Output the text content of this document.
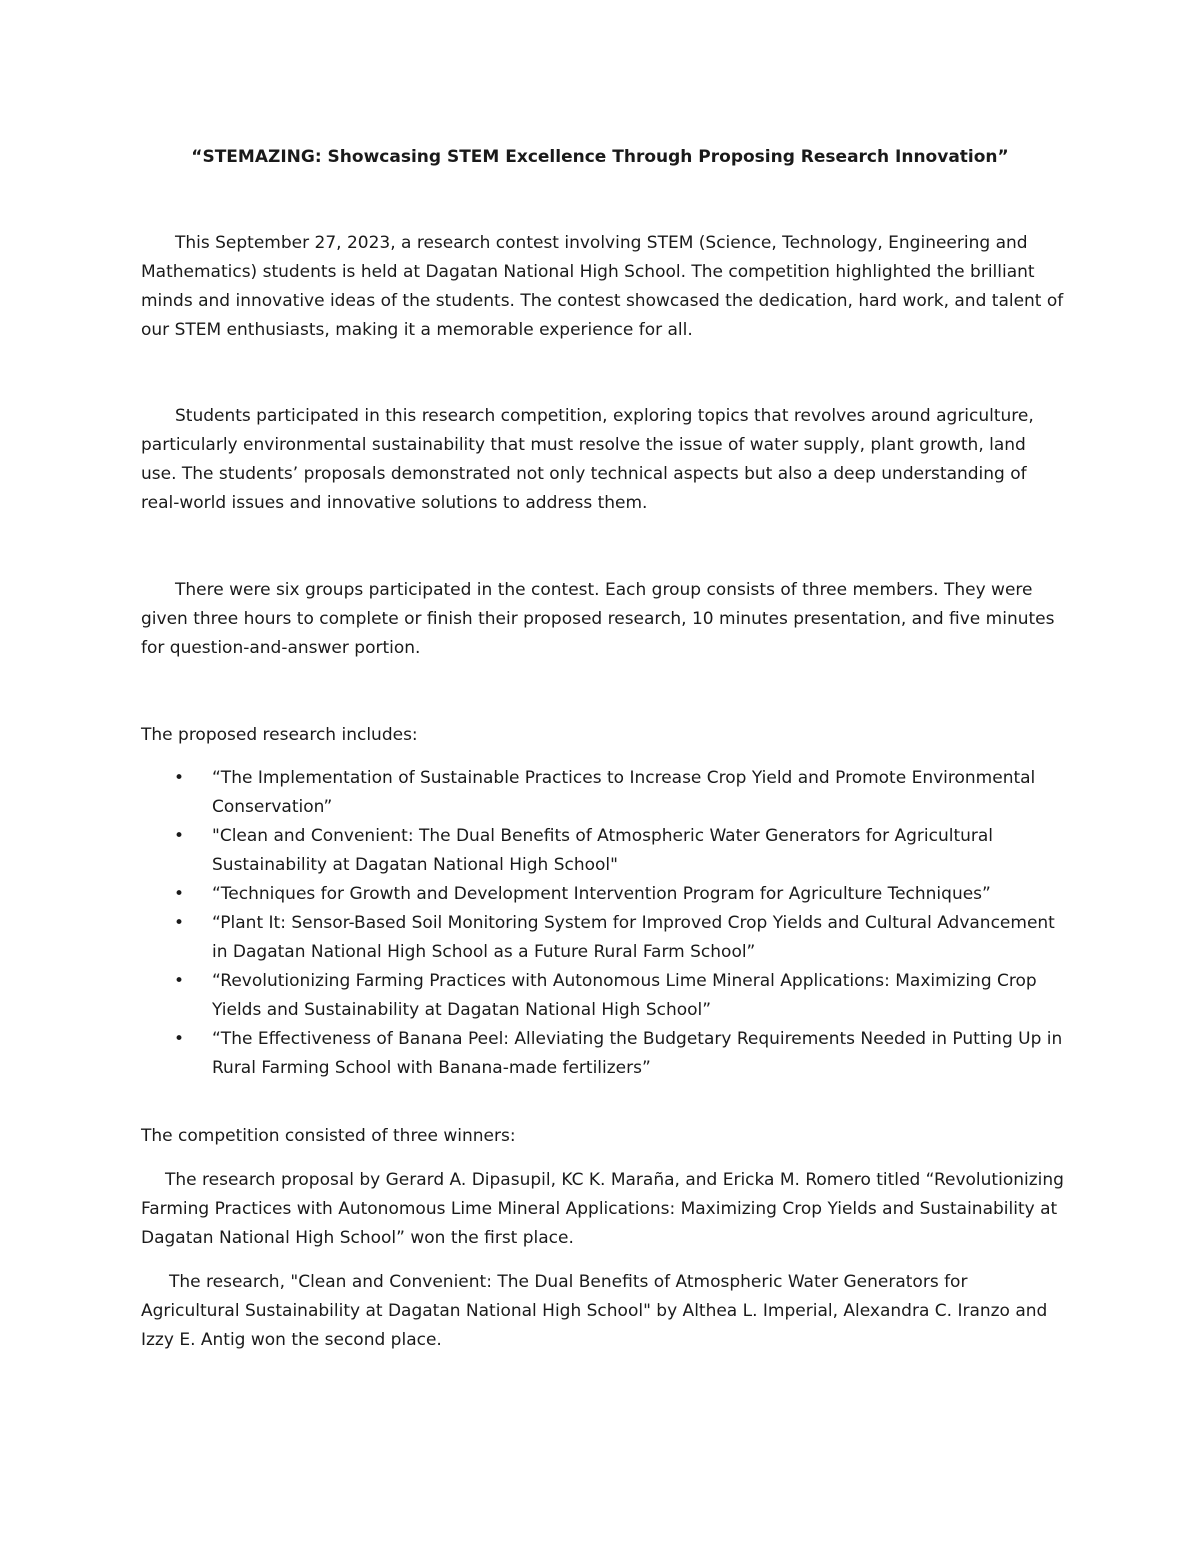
“STEMAZING: Showcasing STEM Excellence Through Proposing Research Innovation”

This September 27, 2023, a research contest involving STEM (Science, Technology, Engineering and Mathematics) students is held at Dagatan National High School. The competition highlighted the brilliant minds and innovative ideas of the students. The contest showcased the dedication, hard work, and talent of our STEM enthusiasts, making it a memorable experience for all.

Students participated in this research competition, exploring topics that revolves around agriculture, particularly environmental sustainability that must resolve the issue of water supply, plant growth, land use. The students’ proposals demonstrated not only technical aspects but also a deep understanding of real-world issues and innovative solutions to address them.

There were six groups participated in the contest. Each group consists of three members. They were given three hours to complete or finish their proposed research, 10 minutes presentation, and five minutes for question-and-answer portion.

The proposed research includes:

• “The Implementation of Sustainable Practices to Increase Crop Yield and Promote Environmental Conservation”
• "Clean and Convenient: The Dual Benefits of Atmospheric Water Generators for Agricultural Sustainability at Dagatan National High School"
• “Techniques for Growth and Development Intervention Program for Agriculture Techniques”
• “Plant It: Sensor-Based Soil Monitoring System for Improved Crop Yields and Cultural Advancement in Dagatan National High School as a Future Rural Farm School”
• “Revolutionizing Farming Practices with Autonomous Lime Mineral Applications: Maximizing Crop Yields and Sustainability at Dagatan National High School”
• “The Effectiveness of Banana Peel: Alleviating the Budgetary Requirements Needed in Putting Up in Rural Farming School with Banana-made fertilizers”

The competition consisted of three winners:

The research proposal by Gerard A. Dipasupil, KC K. Maraña, and Ericka M. Romero titled “Revolutionizing Farming Practices with Autonomous Lime Mineral Applications: Maximizing Crop Yields and Sustainability at Dagatan National High School” won the first place.

The research, "Clean and Convenient: The Dual Benefits of Atmospheric Water Generators for Agricultural Sustainability at Dagatan National High School" by Althea L. Imperial, Alexandra C. Iranzo and Izzy E. Antig won the second place.
